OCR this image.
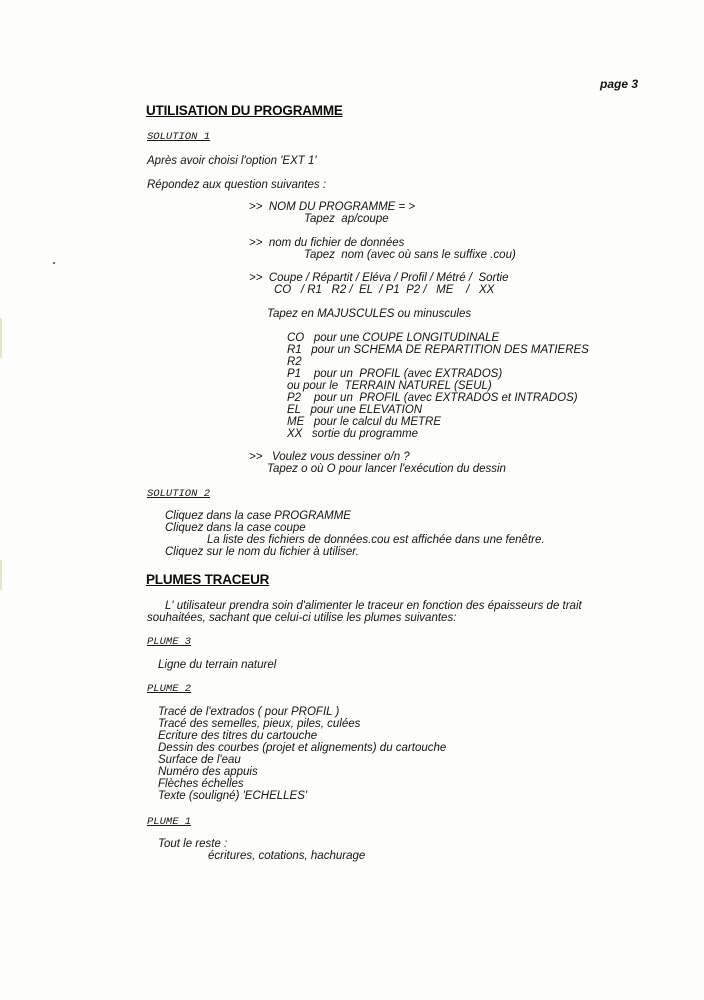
page 3
UTILISATION DU PROGRAMME
SOLUTION 1
Après avoir choisi l'option 'EXT 1'
Répondez aux question suivantes :
>>  NOM DU PROGRAMME = >
Tapez  ap/coupe
>>  nom du fichier de données
Tapez  nom (avec où sans le suffixe .cou)
>>  Coupe / Répartit / Eléva / Profil / Métré /  Sortie
CO   / R1   R2 /  EL  / P1  P2 /   ME    /   XX
Tapez en MAJUSCULES ou minuscules
CO   pour une COUPE LONGITUDINALE
R1   pour un SCHEMA DE REPARTITION DES MATIERES
R2
P1    pour un  PROFIL (avec EXTRADOS)
ou pour le  TERRAIN NATUREL (SEUL)
P2    pour un  PROFIL (avec EXTRADOS et INTRADOS)
EL   pour une ELEVATION
ME   pour le calcul du METRE
XX   sortie du programme
>>   Voulez vous dessiner o/n ?
Tapez o où O pour lancer l'exécution du dessin
SOLUTION 2
Cliquez dans la case PROGRAMME
Cliquez dans la case coupe
La liste des fichiers de données.cou est affichée dans une fenêtre.
Cliquez sur le nom du fichier à utiliser.
PLUMES TRACEUR
L' utilisateur prendra soin d'alimenter le traceur en fonction des épaisseurs de trait
souhaitées, sachant que celui-ci utilise les plumes suivantes:
PLUME 3
Ligne du terrain naturel
PLUME 2
Tracé de l'extrados ( pour PROFIL )
Tracé des semelles, pieux, piles, culées
Ecriture des titres du cartouche
Dessin des courbes (projet et alignements) du cartouche
Surface de l'eau
Numéro des appuis
Flèches échelles
Texte (souligné) 'ECHELLES'
PLUME 1
Tout le reste :
écritures, cotations, hachurage
